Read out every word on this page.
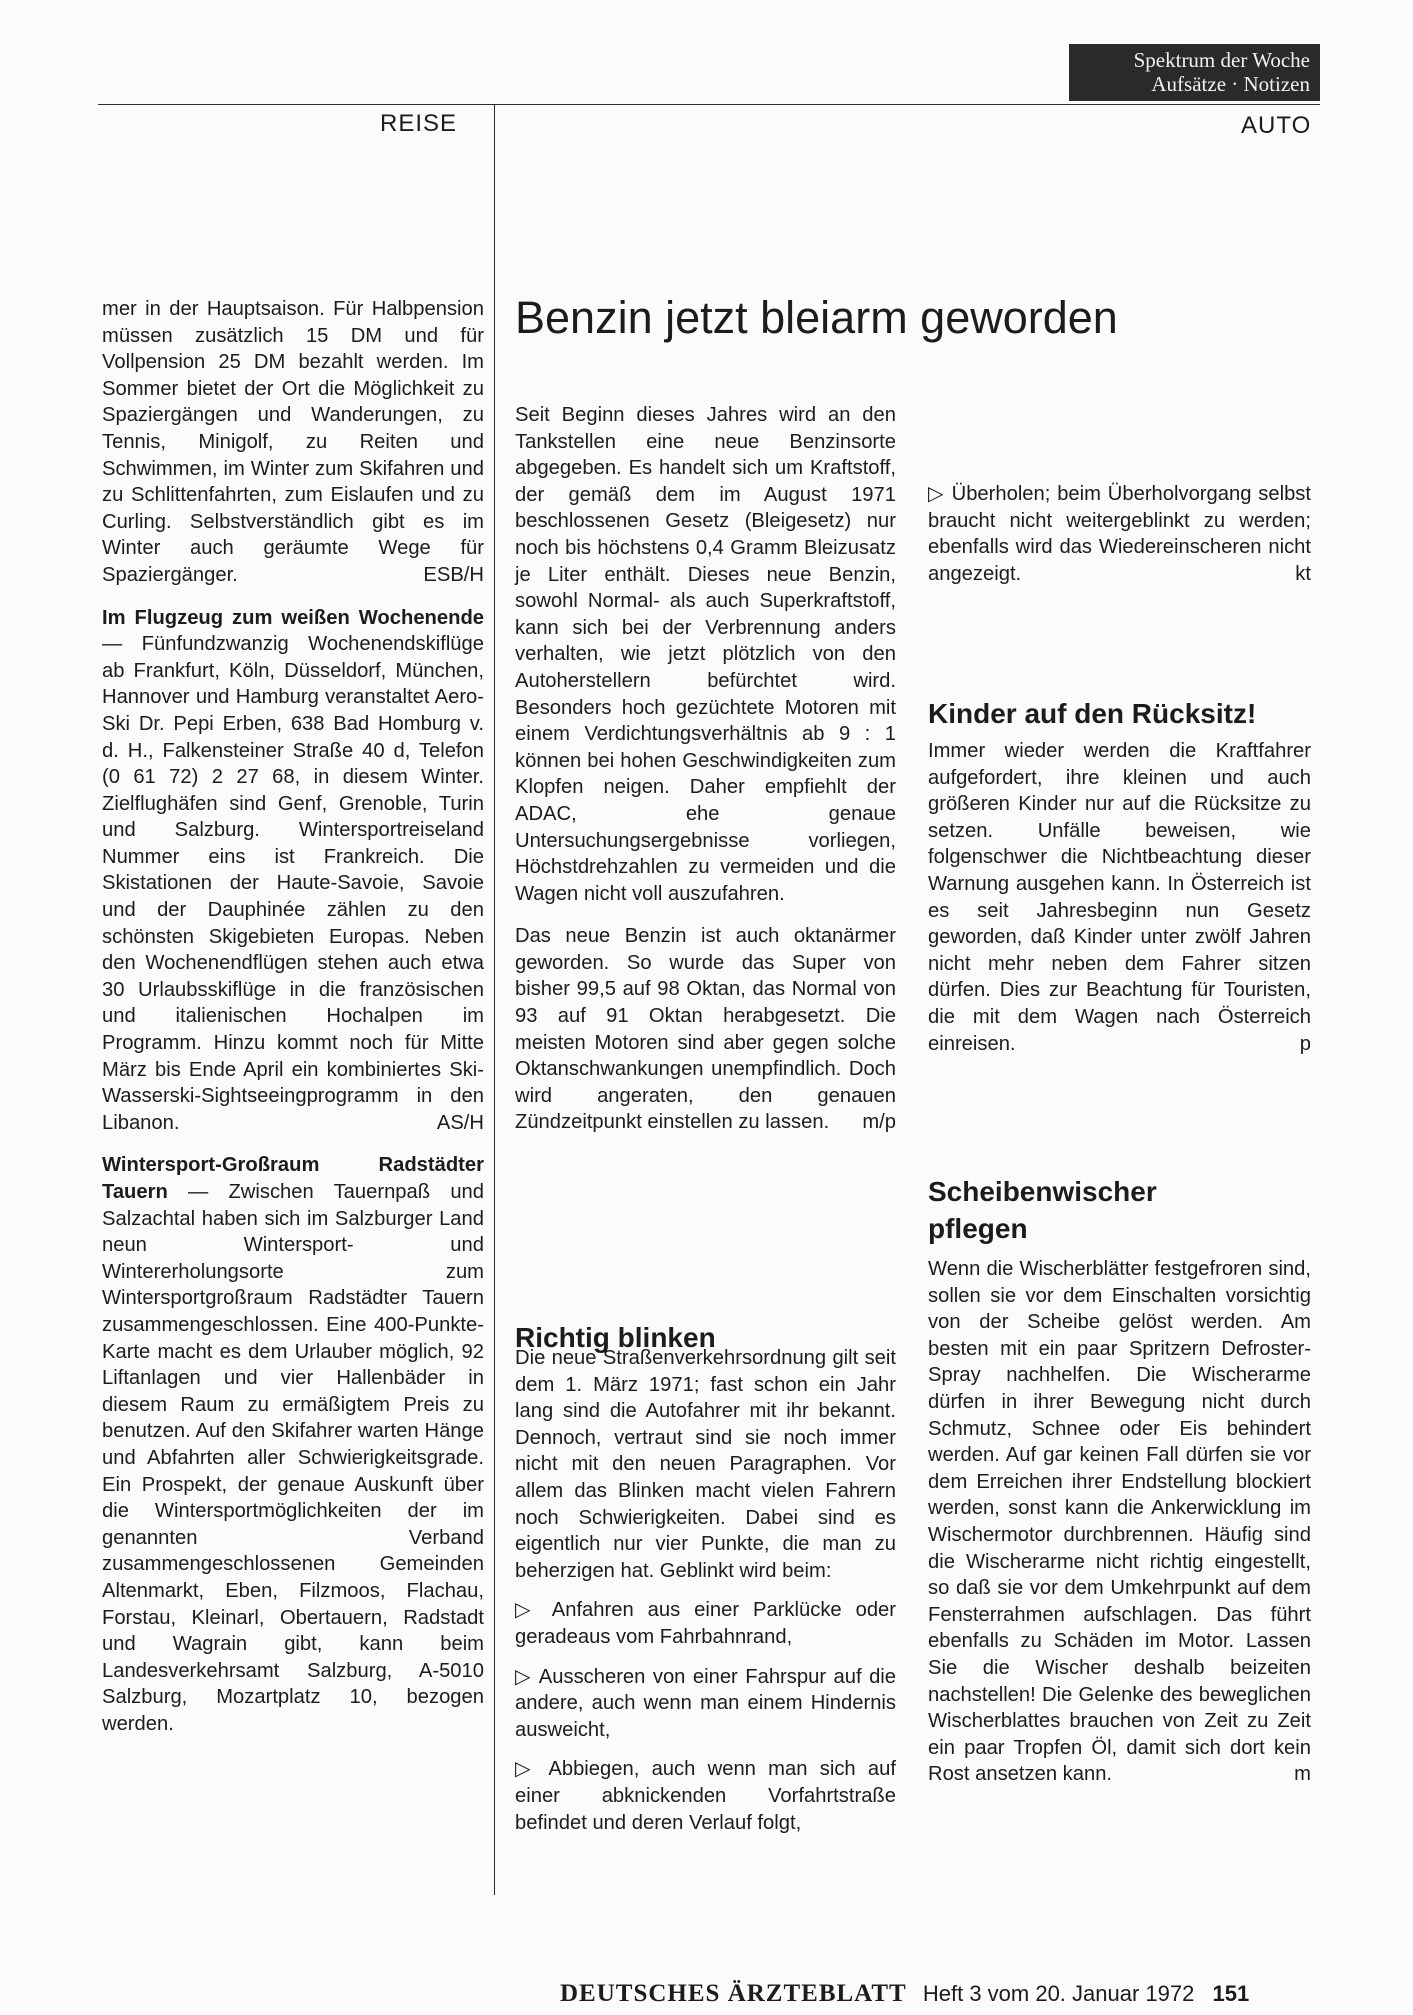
Spektrum der Woche
Aufsätze · Notizen
REISE	AUTO

mer in der Hauptsaison. Für Halbpension müssen zusätzlich 15 DM und für Vollpension 25 DM bezahlt werden. Im Sommer bietet der Ort die Möglichkeit zu Spaziergängen und Wanderungen, zu Tennis, Minigolf, zu Reiten und Schwimmen, im Winter zum Skifahren und zu Schlittenfahrten, zum Eislaufen und zu Curling. Selbstverständlich gibt es im Winter auch geräumte Wege für Spaziergänger.	ESB/H

Im Flugzeug zum weißen Wochenende — Fünfundzwanzig Wochenendskiflüge ab Frankfurt, Köln, Düsseldorf, München, Hannover und Hamburg veranstaltet Aero-Ski Dr. Pepi Erben, 638 Bad Homburg v. d. H., Falkensteiner Straße 40 d, Telefon (0 61 72) 2 27 68, in diesem Winter. Zielflughäfen sind Genf, Grenoble, Turin und Salzburg. Wintersportreiseland Nummer eins ist Frankreich. Die Skistationen der Haute-Savoie, Savoie und der Dauphinée zählen zu den schönsten Skigebieten Europas. Neben den Wochenendflügen stehen auch etwa 30 Urlaubsskiflüge in die französischen und italienischen Hochalpen im Programm. Hinzu kommt noch für Mitte März bis Ende April ein kombiniertes Ski-Wasserski-Sightseeingprogramm in den Libanon.	AS/H

Wintersport-Großraum Radstädter Tauern — Zwischen Tauernpaß und Salzachtal haben sich im Salzburger Land neun Wintersport- und Wintererholungsorte zum Wintersportgroßraum Radstädter Tauern zusammengeschlossen. Eine 400-Punkte-Karte macht es dem Urlauber möglich, 92 Liftanlagen und vier Hallenbäder in diesem Raum zu ermäßigtem Preis zu benutzen. Auf den Skifahrer warten Hänge und Abfahrten aller Schwierigkeitsgrade. Ein Prospekt, der genaue Auskunft über die Wintersportmöglichkeiten der im genannten Verband zusammengeschlossenen Gemeinden Altenmarkt, Eben, Filzmoos, Flachau, Forstau, Kleinarl, Obertauern, Radstadt und Wagrain gibt, kann beim Landesverkehrsamt Salzburg, A-5010 Salzburg, Mozartplatz 10, bezogen werden.

Benzin jetzt bleiarm geworden

Seit Beginn dieses Jahres wird an den Tankstellen eine neue Benzinsorte abgegeben. Es handelt sich um Kraftstoff, der gemäß dem im August 1971 beschlossenen Gesetz (Bleigesetz) nur noch bis höchstens 0,4 Gramm Bleizusatz je Liter enthält. Dieses neue Benzin, sowohl Normal- als auch Superkraftstoff, kann sich bei der Verbrennung anders verhalten, wie jetzt plötzlich von den Autoherstellern befürchtet wird. Besonders hoch gezüchtete Motoren mit einem Verdichtungsverhältnis ab 9 : 1 können bei hohen Geschwindigkeiten zum Klopfen neigen. Daher empfiehlt der ADAC, ehe genaue Untersuchungsergebnisse vorliegen, Höchstdrehzahlen zu vermeiden und die Wagen nicht voll auszufahren.

Das neue Benzin ist auch oktanärmer geworden. So wurde das Super von bisher 99,5 auf 98 Oktan, das Normal von 93 auf 91 Oktan herabgesetzt. Die meisten Motoren sind aber gegen solche Oktanschwankungen unempfindlich. Doch wird angeraten, den genauen Zündzeitpunkt einstellen zu lassen. m/p

Richtig blinken

Die neue Straßenverkehrsordnung gilt seit dem 1. März 1971; fast schon ein Jahr lang sind die Autofahrer mit ihr bekannt. Dennoch, vertraut sind sie noch immer nicht mit den neuen Paragraphen. Vor allem das Blinken macht vielen Fahrern noch Schwierigkeiten. Dabei sind es eigentlich nur vier Punkte, die man zu beherzigen hat. Geblinkt wird beim:

▷ Anfahren aus einer Parklücke oder geradeaus vom Fahrbahnrand,

▷ Ausscheren von einer Fahrspur auf die andere, auch wenn man einem Hindernis ausweicht,

▷ Abbiegen, auch wenn man sich auf einer abknickenden Vorfahrtstraße befindet und deren Verlauf folgt,

▷ Überholen; beim Überholvorgang selbst braucht nicht weitergeblinkt zu werden; ebenfalls wird das Wiedereinscheren nicht angezeigt.	kt

Kinder auf den Rücksitz!

Immer wieder werden die Kraftfahrer aufgefordert, ihre kleinen und auch größeren Kinder nur auf die Rücksitze zu setzen. Unfälle beweisen, wie folgenschwer die Nichtbeachtung dieser Warnung ausgehen kann. In Österreich ist es seit Jahresbeginn nun Gesetz geworden, daß Kinder unter zwölf Jahren nicht mehr neben dem Fahrer sitzen dürfen. Dies zur Beachtung für Touristen, die mit dem Wagen nach Österreich einreisen.	p

Scheibenwischer pflegen

Wenn die Wischerblätter festgefroren sind, sollen sie vor dem Einschalten vorsichtig von der Scheibe gelöst werden. Am besten mit ein paar Spritzern Defroster-Spray nachhelfen. Die Wischerarme dürfen in ihrer Bewegung nicht durch Schmutz, Schnee oder Eis behindert werden. Auf gar keinen Fall dürfen sie vor dem Erreichen ihrer Endstellung blockiert werden, sonst kann die Ankerwicklung im Wischermotor durchbrennen. Häufig sind die Wischerarme nicht richtig eingestellt, so daß sie vor dem Umkehrpunkt auf dem Fensterrahmen aufschlagen. Das führt ebenfalls zu Schäden im Motor. Lassen Sie die Wischer deshalb beizeiten nachstellen! Die Gelenke des beweglichen Wischerblattes brauchen von Zeit zu Zeit ein paar Tropfen Öl, damit sich dort kein Rost ansetzen kann.	m

DEUTSCHES ÄRZTEBLATT Heft 3 vom 20. Januar 1972 151
